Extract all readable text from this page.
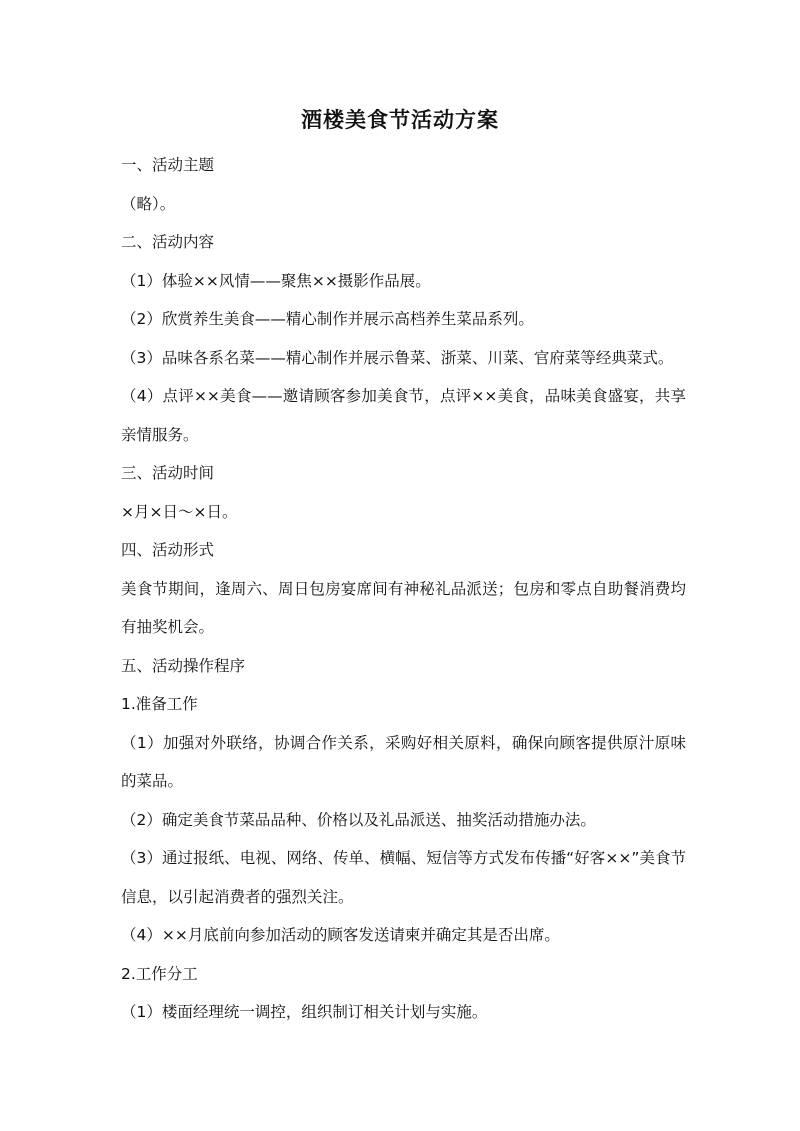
酒楼美食节活动方案

一、活动主题

（略）。

二、活动内容

（1）体验××风情——聚焦××摄影作品展。

（2）欣赏养生美食——精心制作并展示高档养生菜品系列。

（3）品味各系名菜——精心制作并展示鲁菜、浙菜、川菜、官府菜等经典菜式。

（4）点评××美食——邀请顾客参加美食节，点评××美食，品味美食盛宴，共享亲情服务。

三、活动时间

×月×日～×日。

四、活动形式

美食节期间，逢周六、周日包房宴席间有神秘礼品派送；包房和零点自助餐消费均有抽奖机会。

五、活动操作程序

1.准备工作

（1）加强对外联络，协调合作关系，采购好相关原料，确保向顾客提供原汁原味的菜品。

（2）确定美食节菜品品种、价格以及礼品派送、抽奖活动措施办法。

（3）通过报纸、电视、网络、传单、横幅、短信等方式发布传播“好客××”美食节信息，以引起消费者的强烈关注。

（4）××月底前向参加活动的顾客发送请柬并确定其是否出席。

2.工作分工

（1）楼面经理统一调控，组织制订相关计划与实施。
